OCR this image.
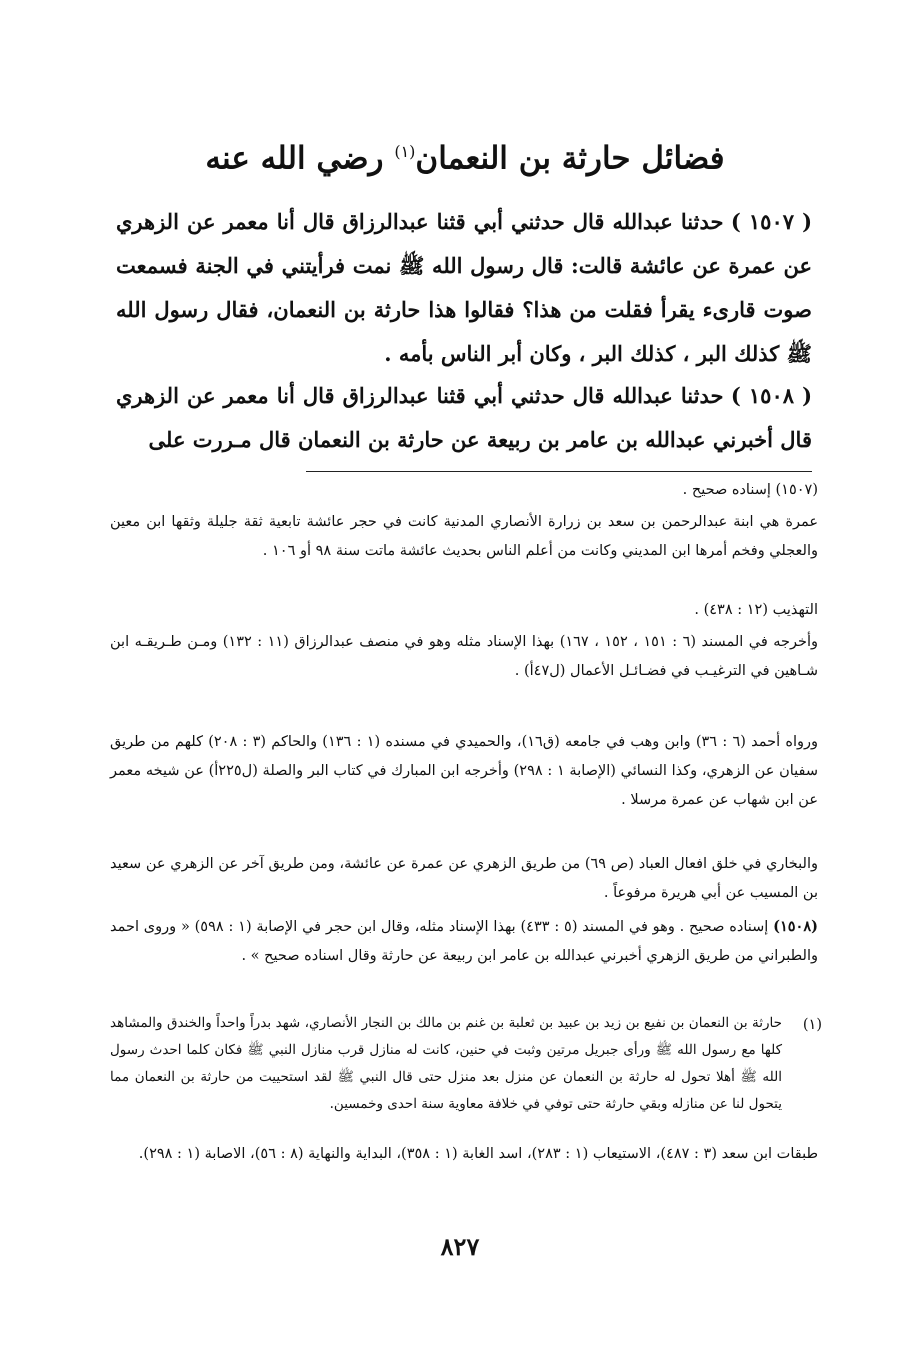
فضائل حارثة بن النعمان$^{(١)}$ رضي الله عنه
( ١٥٠٧ ) حدثنا عبدالله قال حدثني أبي قثنا عبدالرزاق قال أنا معمر عن الزهري عن عمرة عن عائشة قالت: قال رسول الله ﷺ نمت فرأيتني في الجنة فسمعت صوت قارىء يقرأ فقلت من هذا؟ فقالوا هذا حارثة بن النعمان، فقال رسول الله ﷺ كذلك البر ، كذلك البر ، وكان أبر الناس بأمه .
( ١٥٠٨ ) حدثنا عبدالله قال حدثني أبي قثنا عبدالرزاق قال أنا معمر عن الزهري قال أخبرني عبدالله بن عامر بن ربيعة عن حارثة بن النعمان قال مـررت على
(١٥٠٧) إسناده صحيح .
عمرة هي ابنة عبدالرحمن بن سعد بن زرارة الأنصاري المدنية كانت في حجر عائشة تابعية ثقة جليلة وثقها ابن معين والعجلي وفخم أمرها ابن المديني وكانت من أعلم الناس بحديث عائشة ماتت سنة ٩٨ أو ١٠٦ .
التهذيب (١٢ : ٤٣٨) .
وأخرجه في المسند (٦ : ١٥١ ، ١٥٢ ، ١٦٧) بهذا الإسناد مثله وهو في منصف عبدالرزاق (١١ : ١٣٢) ومـن طـريقـه ابن شـاهين في الترغيـب في فضـائـل الأعمال (ل٤٧أ) .
ورواه أحمد (٦ : ٣٦) وابن وهب في جامعه (ق١٦)، والحميدي في مسنده (١ : ١٣٦) والحاكم (٣ : ٢٠٨) كلهم من طريق سفيان عن الزهري، وكذا النسائي (الإصابة ١ : ٢٩٨) وأخرجه ابن المبارك في كتاب البر والصلة (ل٢٢٥أ) عن شيخه معمر عن ابن شهاب عن عمرة مرسلا .
والبخاري في خلق افعال العباد (ص ٦٩) من طريق الزهري عن عمرة عن عائشة، ومن طريق آخر عن الزهري عن سعيد بن المسيب عن أبي هريرة مرفوعاً .
(١٥٠٨) إسناده صحيح . وهو في المسند (٥ : ٤٣٣) بهذا الإسناد مثله، وقال ابن حجر في الإصابة (١ : ٥٩٨) « وروى احمد والطبراني من طريق الزهري أخبرني عبدالله بن عامر ابن ربيعة عن حارثة وقال اسناده صحيح » .
(١)
حارثة بن النعمان بن نفيع بن زيد بن عبيد بن ثعلبة بن غنم بن مالك بن النجار الأنصاري، شهد بدراً واحداً والخندق والمشاهد كلها مع رسول الله ﷺ ورأى جبريل مرتين وثبت في حنين، كانت له منازل قرب منازل النبي ﷺ فكان كلما احدث رسول الله ﷺ أهلا تحول له حارثة بن النعمان عن منزل بعد منزل حتى قال النبي ﷺ لقد استحييت من حارثة بن النعمان مما يتحول لنا عن منازله وبقي حارثة حتى توفي في خلافة معاوية سنة احدى وخمسين.
طبقات ابن سعد (٣ : ٤٨٧)، الاستيعاب (١ : ٢٨٣)، اسد الغابة (١ : ٣٥٨)، البداية والنهاية (٨ : ٥٦)، الاصابة (١ : ٢٩٨).
٨٢٧
